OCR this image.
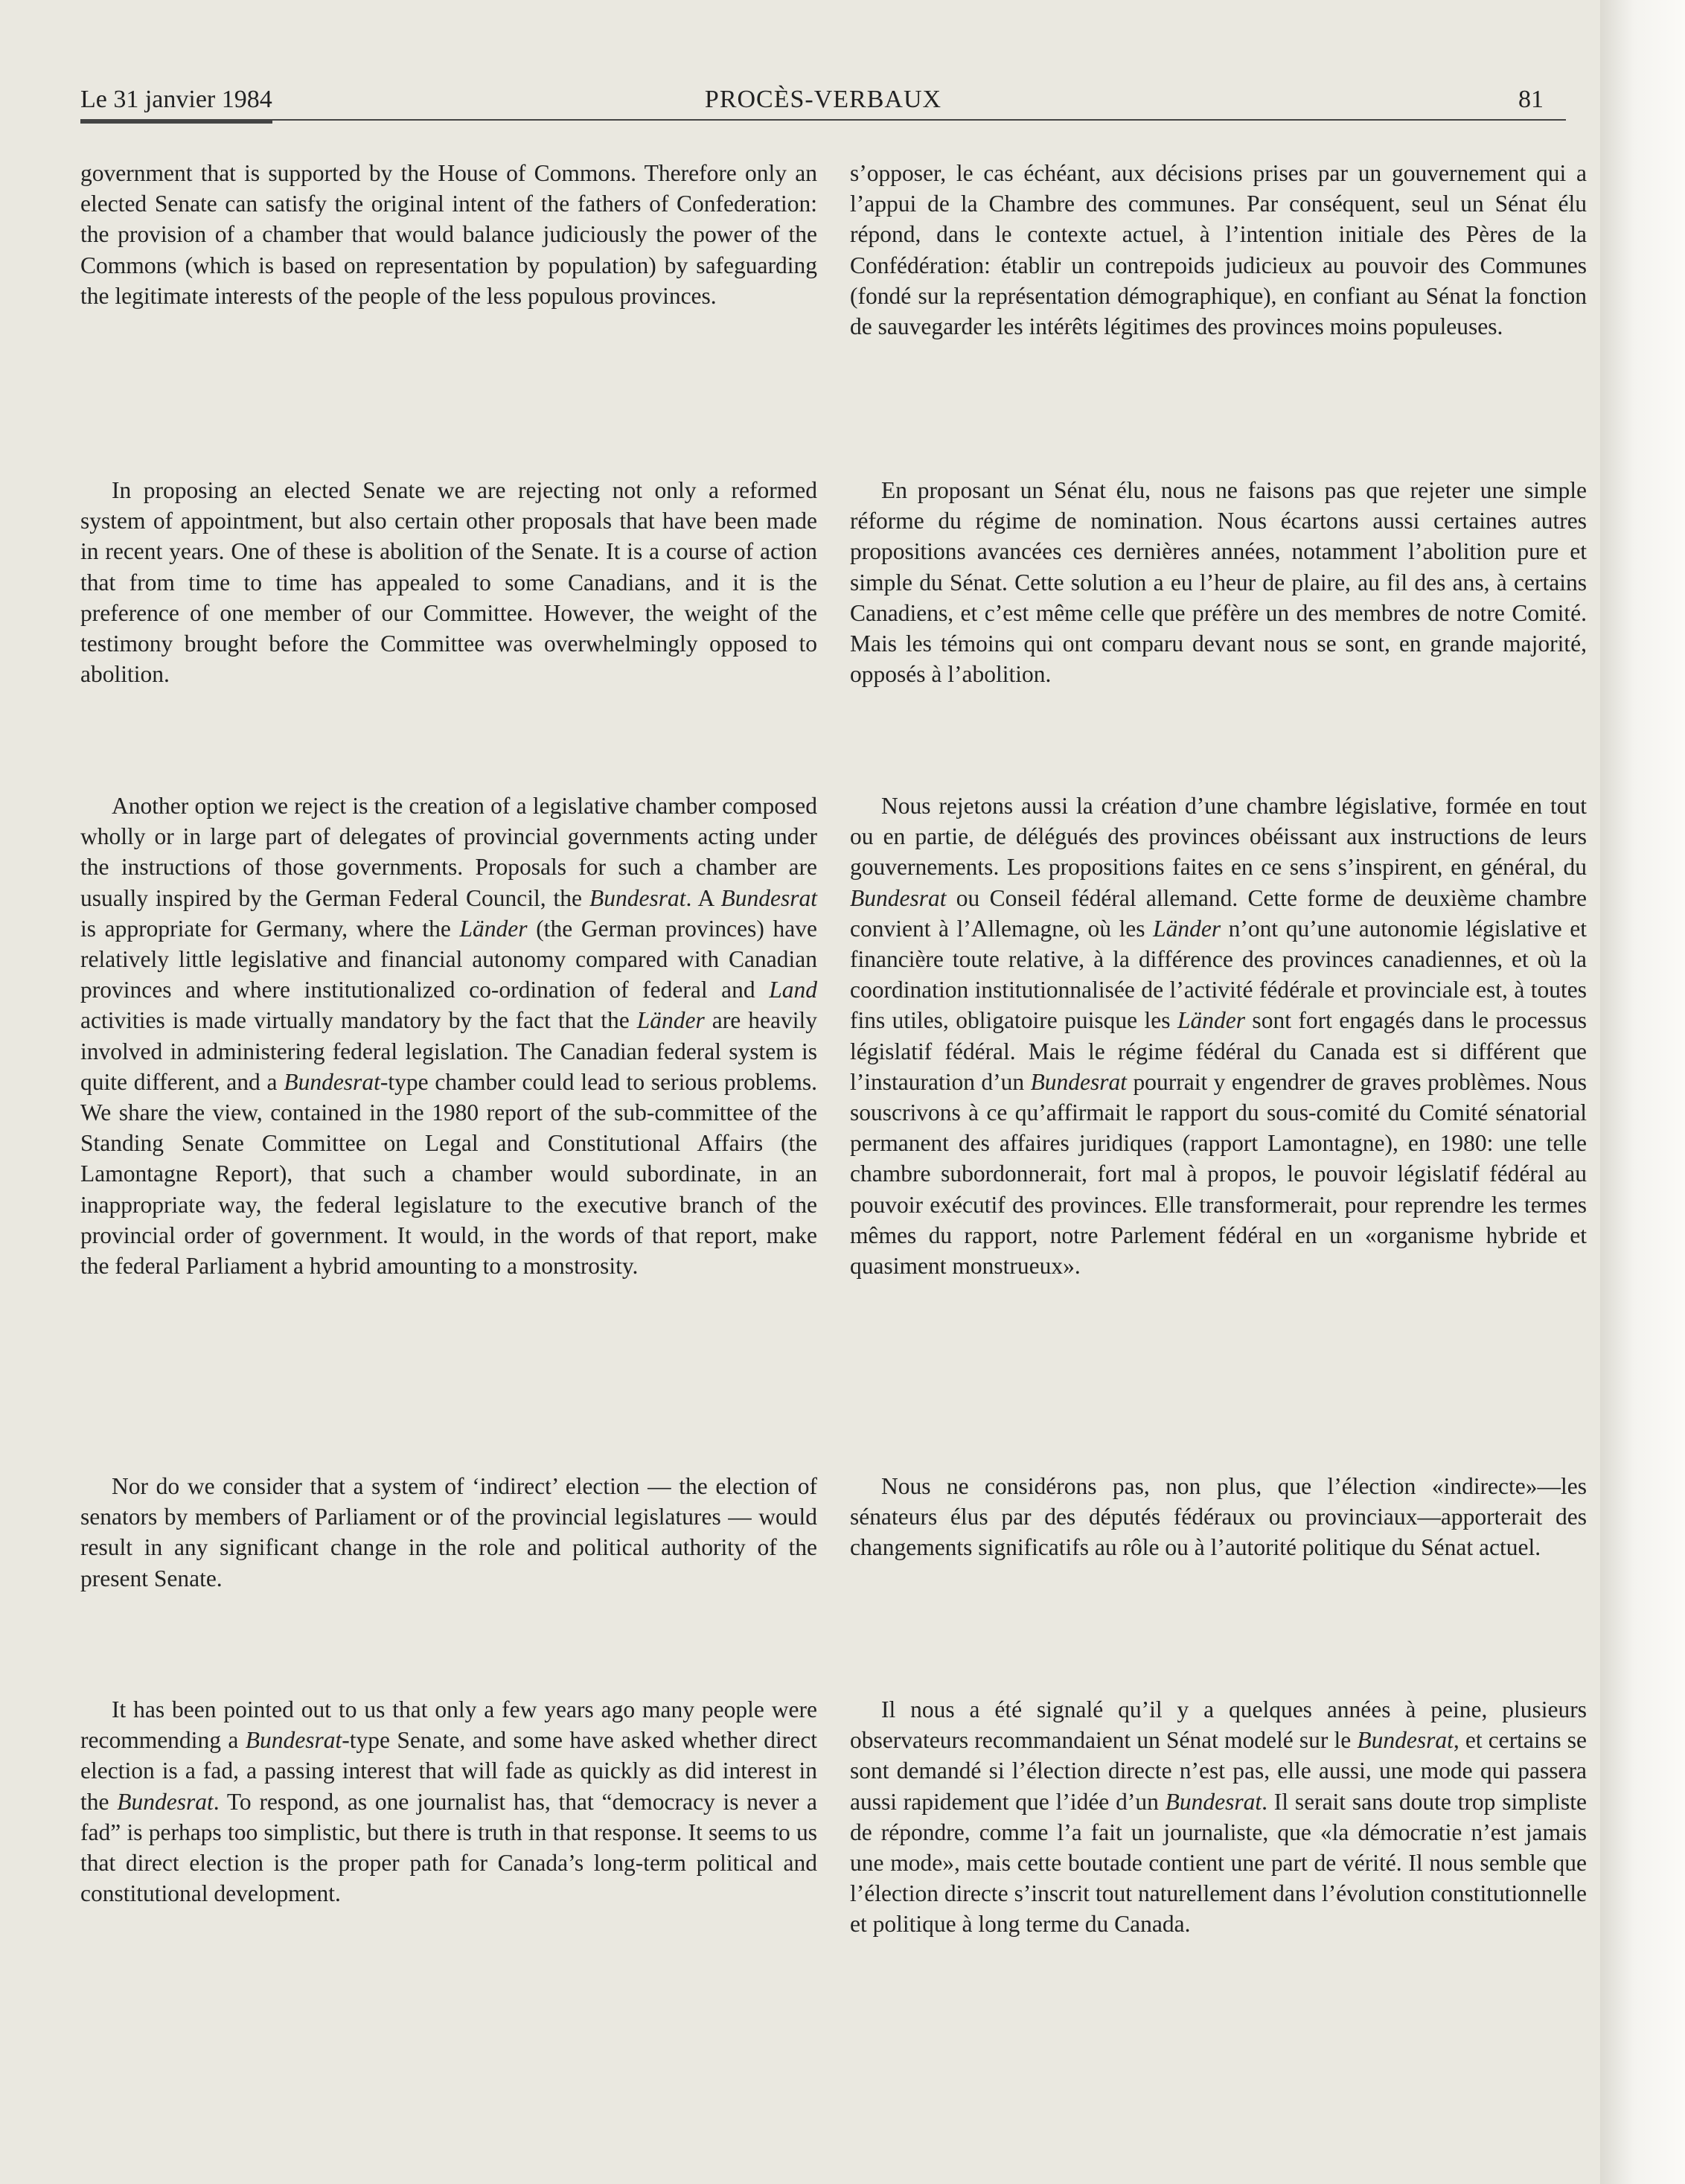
Le 31 janvier 1984	PROCÈS-VERBAUX	81

government that is supported by the House of Commons. Therefore only an elected Senate can satisfy the original intent of the fathers of Confederation: the provision of a chamber that would balance judiciously the power of the Commons (which is based on representation by population) by safeguarding the legitimate interests of the people of the less populous provinces.

In proposing an elected Senate we are rejecting not only a reformed system of appointment, but also certain other proposals that have been made in recent years. One of these is abolition of the Senate. It is a course of action that from time to time has appealed to some Canadians, and it is the preference of one member of our Committee. However, the weight of the testimony brought before the Committee was overwhelmingly opposed to abolition.

Another option we reject is the creation of a legislative chamber composed wholly or in large part of delegates of provincial governments acting under the instructions of those governments. Proposals for such a chamber are usually inspired by the German Federal Council, the Bundesrat. A Bundesrat is appropriate for Germany, where the Länder (the German provinces) have relatively little legislative and financial autonomy compared with Canadian provinces and where institutionalized co-ordination of federal and Land activities is made virtually mandatory by the fact that the Länder are heavily involved in administering federal legislation. The Canadian federal system is quite different, and a Bundesrat-type chamber could lead to serious problems. We share the view, contained in the 1980 report of the sub-committee of the Standing Senate Committee on Legal and Constitutional Affairs (the Lamontagne Report), that such a chamber would subordinate, in an inappropriate way, the federal legislature to the executive branch of the provincial order of government. It would, in the words of that report, make the federal Parliament a hybrid amounting to a monstrosity.

Nor do we consider that a system of ‘indirect’ election — the election of senators by members of Parliament or of the provincial legislatures — would result in any significant change in the role and political authority of the present Senate.

It has been pointed out to us that only a few years ago many people were recommending a Bundesrat-type Senate, and some have asked whether direct election is a fad, a passing interest that will fade as quickly as did interest in the Bundesrat. To respond, as one journalist has, that “democracy is never a fad” is perhaps too simplistic, but there is truth in that response. It seems to us that direct election is the proper path for Canada’s long-term political and constitutional development.

s’opposer, le cas échéant, aux décisions prises par un gouvernement qui a l’appui de la Chambre des communes. Par conséquent, seul un Sénat élu répond, dans le contexte actuel, à l’intention initiale des Pères de la Confédération: établir un contrepoids judicieux au pouvoir des Communes (fondé sur la représentation démographique), en confiant au Sénat la fonction de sauvegarder les intérêts légitimes des provinces moins populeuses.

En proposant un Sénat élu, nous ne faisons pas que rejeter une simple réforme du régime de nomination. Nous écartons aussi certaines autres propositions avancées ces dernières années, notamment l’abolition pure et simple du Sénat. Cette solution a eu l’heur de plaire, au fil des ans, à certains Canadiens, et c’est même celle que préfère un des membres de notre Comité. Mais les témoins qui ont comparu devant nous se sont, en grande majorité, opposés à l’abolition.

Nous rejetons aussi la création d’une chambre législative, formée en tout ou en partie, de délégués des provinces obéissant aux instructions de leurs gouvernements. Les propositions faites en ce sens s’inspirent, en général, du Bundesrat ou Conseil fédéral allemand. Cette forme de deuxième chambre convient à l’Allemagne, où les Länder n’ont qu’une autonomie législative et financière toute relative, à la différence des provinces canadiennes, et où la coordination institutionnalisée de l’activité fédérale et provinciale est, à toutes fins utiles, obligatoire puisque les Länder sont fort engagés dans le processus législatif fédéral. Mais le régime fédéral du Canada est si différent que l’instauration d’un Bundesrat pourrait y engendrer de graves problèmes. Nous souscrivons à ce qu’affirmait le rapport du sous-comité du Comité sénatorial permanent des affaires juridiques (rapport Lamontagne), en 1980: une telle chambre subordonnerait, fort mal à propos, le pouvoir législatif fédéral au pouvoir exécutif des provinces. Elle transformerait, pour reprendre les termes mêmes du rapport, notre Parlement fédéral en un «organisme hybride et quasiment monstrueux».

Nous ne considérons pas, non plus, que l’élection «indirecte»—les sénateurs élus par des députés fédéraux ou provinciaux—apporterait des changements significatifs au rôle ou à l’autorité politique du Sénat actuel.

Il nous a été signalé qu’il y a quelques années à peine, plusieurs observateurs recommandaient un Sénat modelé sur le Bundesrat, et certains se sont demandé si l’élection directe n’est pas, elle aussi, une mode qui passera aussi rapidement que l’idée d’un Bundesrat. Il serait sans doute trop simpliste de répondre, comme l’a fait un journaliste, que «la démocratie n’est jamais une mode», mais cette boutade contient une part de vérité. Il nous semble que l’élection directe s’inscrit tout naturellement dans l’évolution constitutionnelle et politique à long terme du Canada.
